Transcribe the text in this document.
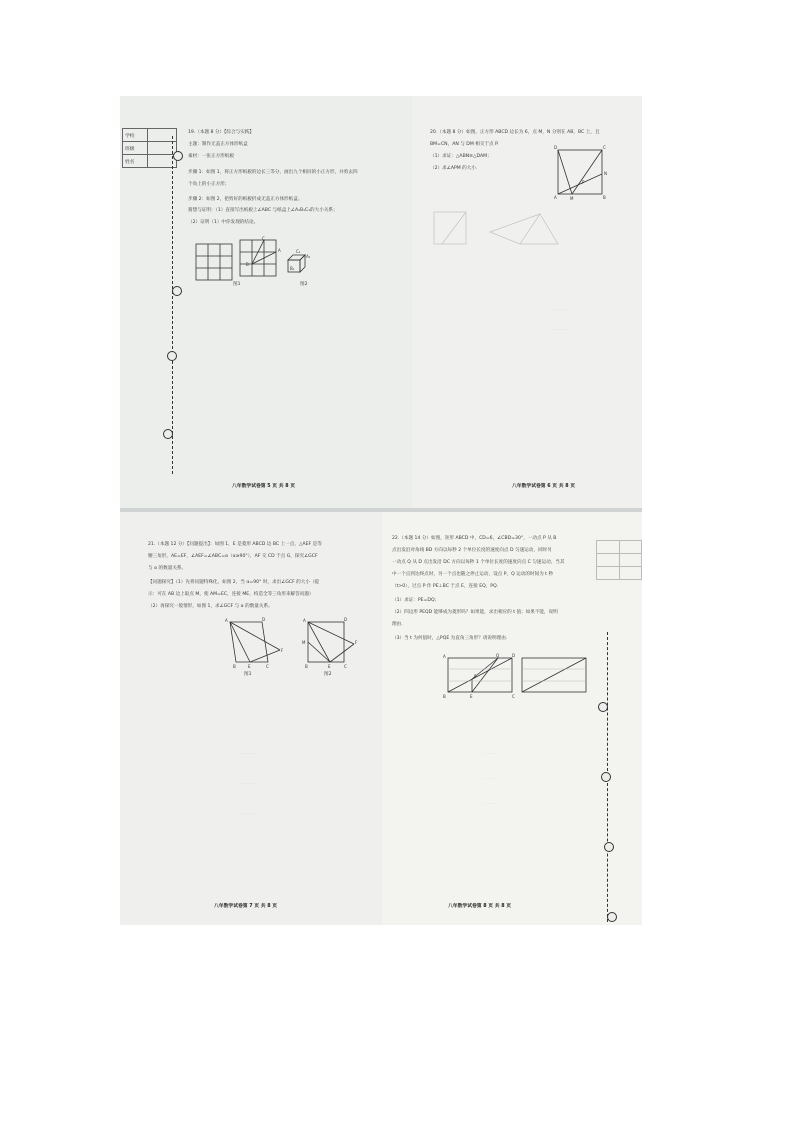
学校	
班级	
姓名	
19.（本题 8 分）【综合与实践】
主题：制作无盖正方体形纸盒
素材：一张正方形纸板
步骤 1：如图 1，将正方形纸板的边长三等分，画出九个相同的小正方形，并剪去四
个角上的小正方形；
步骤 2：如图 2，把剪好的纸板折成无盖正方体形纸盒。
猜想与证明：（1）直接写出纸板上∠ABC 与纸盒上∠A₁B₁C₁的大小关系；
（2）证明（1）中你发现的结论。
C
A
B
C₁
A₁
B₁
图1	图2
八年数学试卷第 5 页 共 8 页
20.（本题 8 分）如图，正方形 ABCD 边长为 6，点 M，N 分别在 AB，BC 上，且
BM=CN，AN 与 DM 相交于点 P.
（1）求证：△ABN≌△DAM；
（2）求∠APM 的大小.
D	C
N
A	M	B
P
· · · · · ·
· · · · · ·
八年数学试卷第 6 页 共 8 页
21.（本题 12 分）【问题提出】：如图 1，E 是菱形 ABCD 边 BC 上一点，△AEF 是等
腰三角形，AE=EF，∠AEF=∠ABC=α（α≥90°），AF 交 CD 于点 G，探究∠GCF
与 α 的数量关系。
【问题探究】（1）先将问题特殊化，如图 2，当 α=90° 时，求出∠GCF 的大小（提
示：可在 AB 边上取点 M，使 AM=EC，连接 ME，构造全等三角形来解答问题）
（2）再探究一般情形，如图 1，求∠GCF 与 α 的数量关系。
A	D
B	E	C
F
A	D
M	F
B	E	C
图1	图2
· · · · · · ·
· · · · · · ·
· · · · · · ·
八年数学试卷第 7 页 共 8 页

22.（本题 14 分）如图，矩形 ABCD 中，CD=6，∠CBD=30°，一动点 P 从 B
点出发沿对角线 BD 方向以每秒 2 个单位长度的速度向点 D 匀速运动，同时另
一动点 Q 从 D 点出发沿 DC 方向以每秒 1 个单位长度的速度向点 C 匀速运动，当其
中一个点到达终点时，另一个点也随之停止运动，设点 P，Q 运动的时间为 t 秒
（t>0），过点 P 作 PE⊥BC 于点 E，连接 EQ，PQ.
（1）求证：PE=DQ；
（2）四边形 PEQD 能够成为菱形吗？如果能，求出相应的 t 值；如果不能，说明
理由.
（3）当 t 为何值时，△PQE 为直角三角形？请说明理由.
A
B	E	C
D
Q
P
· · · · · ·
· · · · · ·
· · · · · ·
八年数学试卷第 8 页 共 8 页
